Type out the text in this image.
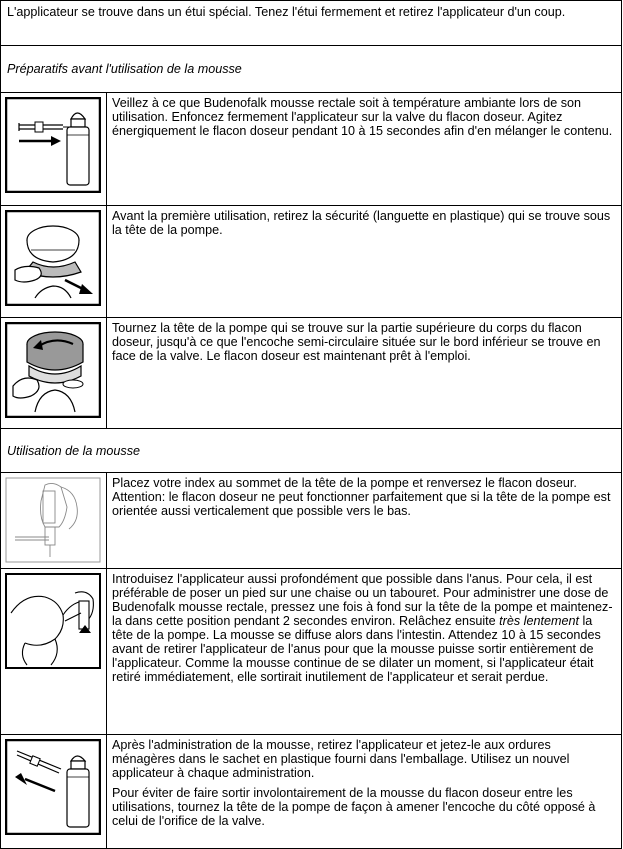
L'applicateur se trouve dans un étui spécial. Tenez l'étui fermement et retirez l'applicateur d'un coup.	
Préparatifs avant l'utilisation de la mousse	

	Veillez à ce que Budenofalk mousse rectale soit à température ambiante lors de son utilisation. Enfoncez fermement l'applicateur sur la valve du flacon doseur. Agitez énergiquement le flacon doseur pendant 10 à 15 secondes afin d'en mélanger le contenu.

	Avant la première utilisation, retirez la sécurité (languette en plastique) qui se trouve sous la tête de la pompe.

	Tournez la tête de la pompe qui se trouve sur la partie supérieure du corps du flacon doseur, jusqu'à ce que l'encoche semi-circulaire située sur le bord inférieur se trouve en face de la valve. Le flacon doseur est maintenant prêt à l'emploi.
Utilisation de la mousse	

	Placez votre index au sommet de la tête de la pompe et renversez le flacon doseur. Attention: le flacon doseur ne peut fonctionner parfaitement que si la tête de la pompe est orientée aussi verticalement que possible vers le bas.

	Introduisez l'applicateur aussi profondément que possible dans l'anus. Pour cela, il est préférable de poser un pied sur une chaise ou un tabouret. Pour administrer une dose de Budenofalk mousse rectale, pressez une fois à fond sur la tête de la pompe et maintenez-la dans cette position pendant 2 secondes environ. Relâchez ensuite très lentement la tête de la pompe. La mousse se diffuse alors dans l'intestin. Attendez 10 à 15 secondes avant de retirer l'applicateur de l'anus pour que la mousse puisse sortir entièrement de l'applicateur. Comme la mousse continue de se dilater un moment, si l'applicateur était retiré immédiatement, elle sortirait inutilement de l'applicateur et serait perdue.

Après l'administration de la mousse, retirez l'applicateur et jetez-le aux ordures ménagères dans le sachet en plastique fourni dans l'emballage. Utilisez un nouvel applicateur à chaque administration.

Pour éviter de faire sortir involontairement de la mousse du flacon doseur entre les utilisations, tournez la tête de la pompe de façon à amener l'encoche du côté opposé à celui de l'orifice de la valve.
